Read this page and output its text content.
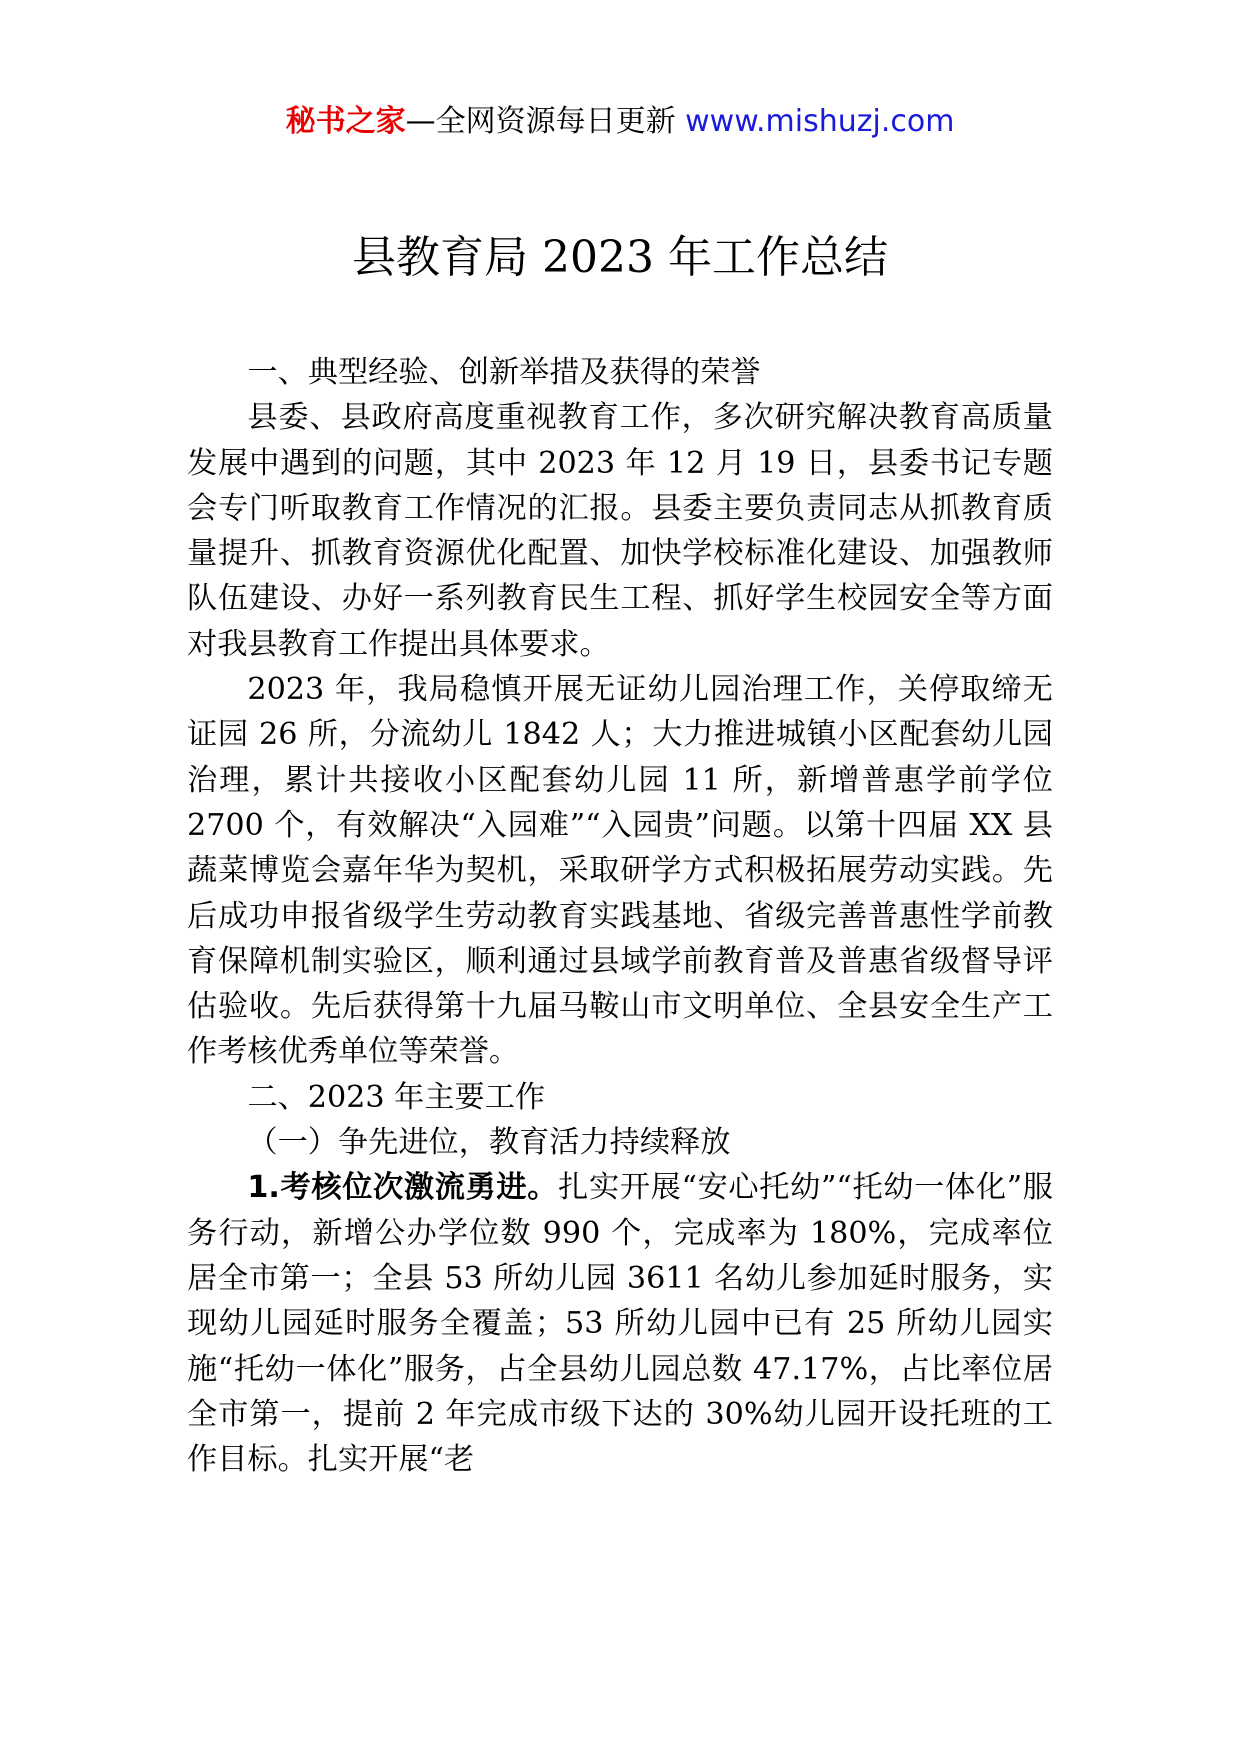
秘书之家—全网资源每日更新 www.mishuzj.com
县教育局 2023 年工作总结

一、典型经验、创新举措及获得的荣誉

县委、县政府高度重视教育工作，多次研究解决教育高质量发展中遇到的问题，其中 2023 年 12 月 19 日，县委书记专题会专门听取教育工作情况的汇报。县委主要负责同志从抓教育质量提升、抓教育资源优化配置、加快学校标准化建设、加强教师队伍建设、办好一系列教育民生工程、抓好学生校园安全等方面对我县教育工作提出具体要求。

2023 年，我局稳慎开展无证幼儿园治理工作，关停取缔无证园 26 所，分流幼儿 1842 人；大力推进城镇小区配套幼儿园治理，累计共接收小区配套幼儿园 11 所，新增普惠学前学位 2700 个，有效解决“入园难”“入园贵”问题。以第十四届 XX 县蔬菜博览会嘉年华为契机，采取研学方式积极拓展劳动实践。先后成功申报省级学生劳动教育实践基地、省级完善普惠性学前教育保障机制实验区，顺利通过县域学前教育普及普惠省级督导评估验收。先后获得第十九届马鞍山市文明单位、全县安全生产工作考核优秀单位等荣誉。

二、2023 年主要工作

（一）争先进位，教育活力持续释放

1.考核位次激流勇进。扎实开展“安心托幼”“托幼一体化”服务行动，新增公办学位数 990 个，完成率为 180%，完成率位居全市第一；全县 53 所幼儿园 3611 名幼儿参加延时服务，实现幼儿园延时服务全覆盖；53 所幼儿园中已有 25 所幼儿园实施“托幼一体化”服务，占全县幼儿园总数 47.17%，占比率位居全市第一，提前 2 年完成市级下达的 30%幼儿园开设托班的工作目标。扎实开展“老
